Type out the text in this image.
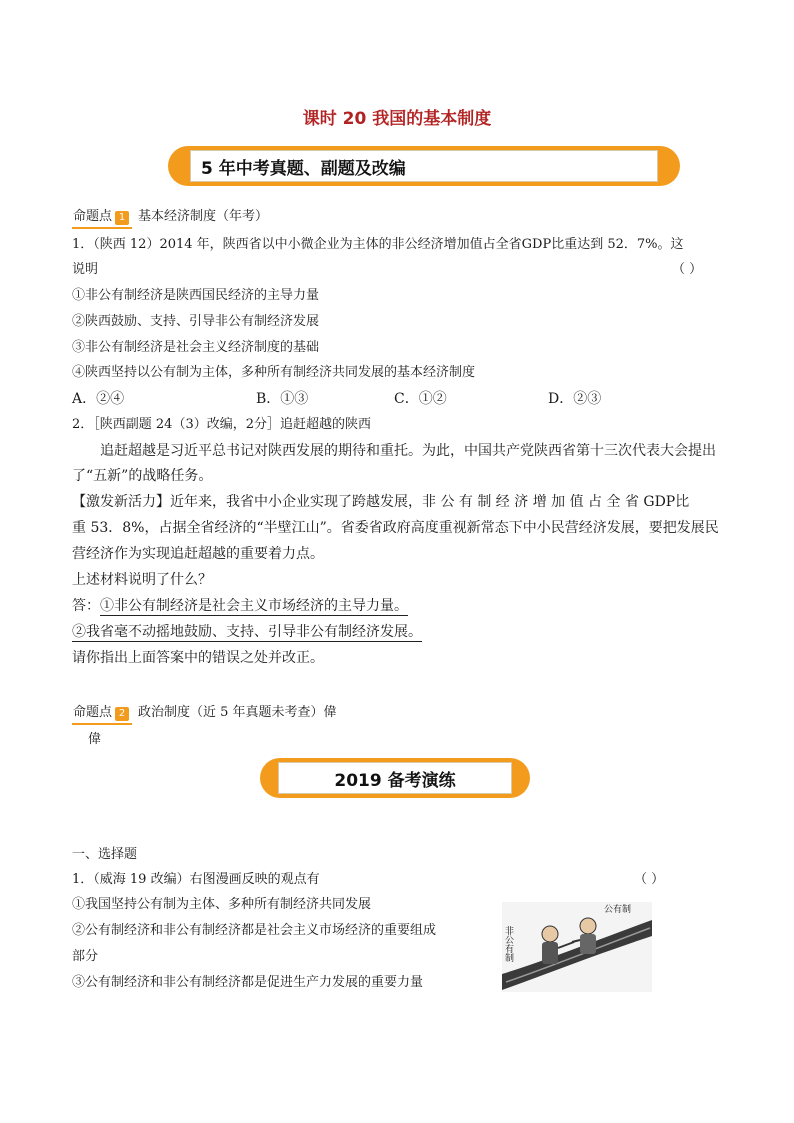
课时 20 我国的基本制度
5 年中考真题、副题及改编
命题点 1 基本经济制度（年考）
1．（陕西 12）2014 年，陕西省以中小微企业为主体的非公经济增加值占全省GDP比重达到 52．7%。这
说明	（ ）
①非公有制经济是陕西国民经济的主导力量
②陕西鼓励、支持、引导非公有制经济发展
③非公有制经济是社会主义经济制度的基础
④陕西坚持以公有制为主体，多种所有制经济共同发展的基本经济制度
A．②④	B．①③	C．①②	D．②③
2．［陕西副题 24（3）改编，2分］追赶超越的陕西
追赶超越是习近平总书记对陕西发展的期待和重托。为此，中国共产党陕西省第十三次代表大会提出
了“五新”的战略任务。
【激发新活力】近年来，我省中小企业实现了跨越发展，非 公 有 制 经 济 增 加 值 占 全 省 GDP比
重 53．8%，占据全省经济的“半壁江山”。省委省政府高度重视新常态下中小民营经济发展，要把发展民
营经济作为实现追赶超越的重要着力点。
上述材料说明了什么？
答：①非公有制经济是社会主义市场经济的主导力量。
②我省毫不动摇地鼓励、支持、引导非公有制经济发展。
请你指出上面答案中的错误之处并改正。
命题点 2 政治制度（近 5 年真题未考查）偉
偉
2019 备考演练
一、选择题
1．（威海 19 改编）右图漫画反映的观点有	（ ）
①我国坚持公有制为主体、多种所有制经济共同发展
②公有制经济和非公有制经济都是社会主义市场经济的重要组成
部分
③公有制经济和非公有制经济都是促进生产力发展的重要力量
公有制
非公有制
